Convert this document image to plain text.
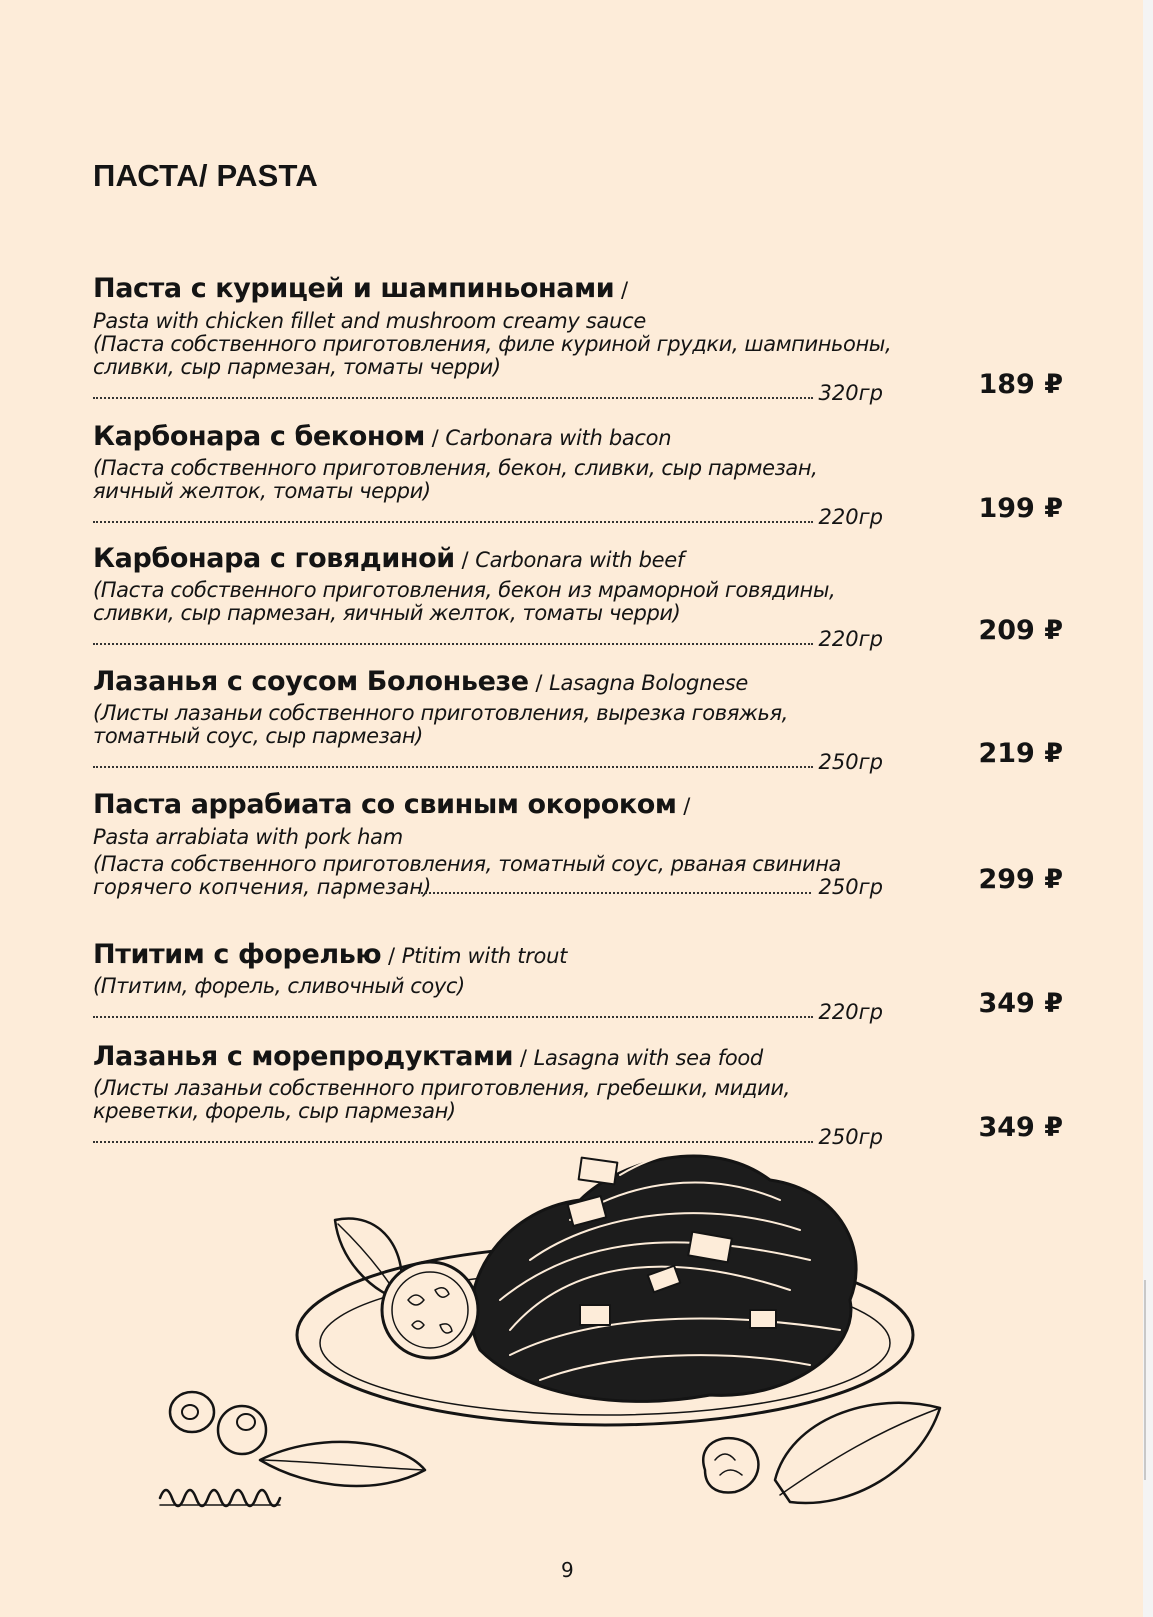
ПАСТА/ PASTA
Паста с курицей и шампиньонами /
Pasta with chicken fillet and mushroom creamy sauce
(Паста собственного приготовления, филе куриной грудки, шампиньоны,
сливки, сыр пармезан, томаты черри)
320гр	189 ₽
Карбонара с беконом / Carbonara with bacon
(Паста собственного приготовления, бекон, сливки, сыр пармезан,
яичный желток, томаты черри)
220гр	199 ₽
Карбонара с говядиной / Carbonara with beef
(Паста собственного приготовления, бекон из мраморной говядины,
сливки, сыр пармезан, яичный желток, томаты черри)
220гр	209 ₽
Лазанья с соусом Болоньезе / Lasagna Bolognese
(Листы лазаньи собственного приготовления, вырезка говяжья,
томатный соус, сыр пармезан)
250гр	219 ₽
Паста аррабиата со свиным окороком /
Pasta arrabiata with pork ham
(Паста собственного приготовления, томатный соус, рваная свинина
горячего копчения, пармезан)	250гр	299 ₽
Птитим с форелью / Ptitim with trout
(Птитим, форель, сливочный соус)
220гр	349 ₽
Лазанья с морепродуктами / Lasagna with sea food
(Листы лазаньи собственного приготовления, гребешки, мидии,
креветки, форель, сыр пармезан)
250гр	349 ₽
9
